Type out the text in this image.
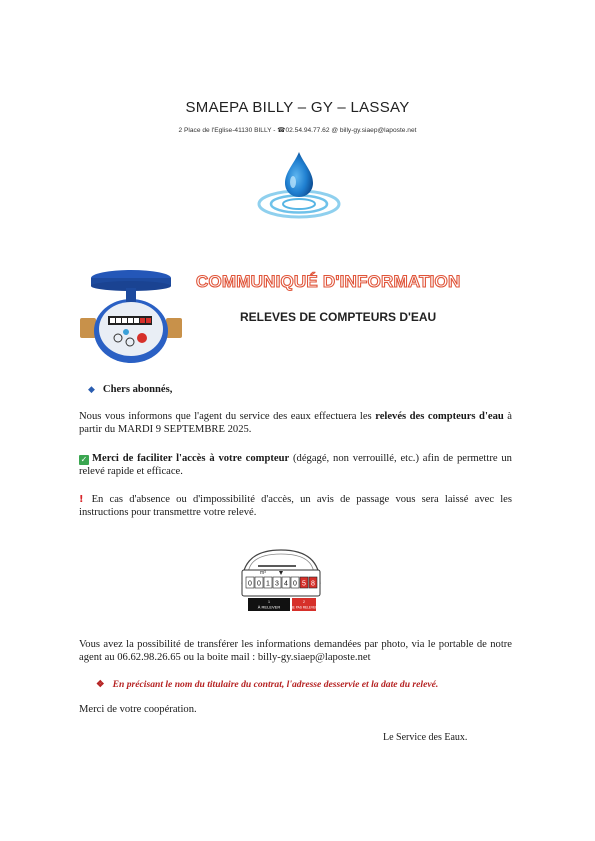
SMAEPA BILLY – GY – LASSAY
2 Place de l'Eglise-41130 BILLY - ☎02.54.94.77.62 @ billy-gy.siaep@laposte.net
COMMUNIQUÉ D'INFORMATION
RELEVES DE COMPTEURS D'EAU
◆ Chers abonnés,
Nous vous informons que l'agent du service des eaux effectuera les relevés des compteurs d'eau à partir du MARDI 9 SEPTEMBRE 2025.
✓ Merci de faciliter l'accès à votre compteur (dégagé, non verrouillé, etc.) afin de permettre un relevé rapide et efficace.
! En cas d'absence ou d'impossibilité d'accès, un avis de passage vous sera laissé avec les instructions pour transmettre votre relevé.
m³
0 0 1 3 4 0 5 8
1
À RELEVER
2
NE PAS RELEVER
Vous avez la possibilité de transférer les informations demandées par photo, via le portable de notre agent au 06.62.98.26.65 ou la boite mail : billy-gy.siaep@laposte.net
❖ En précisant le nom du titulaire du contrat, l'adresse desservie et la date du relevé.
Merci de votre coopération.
Le Service des Eaux.
